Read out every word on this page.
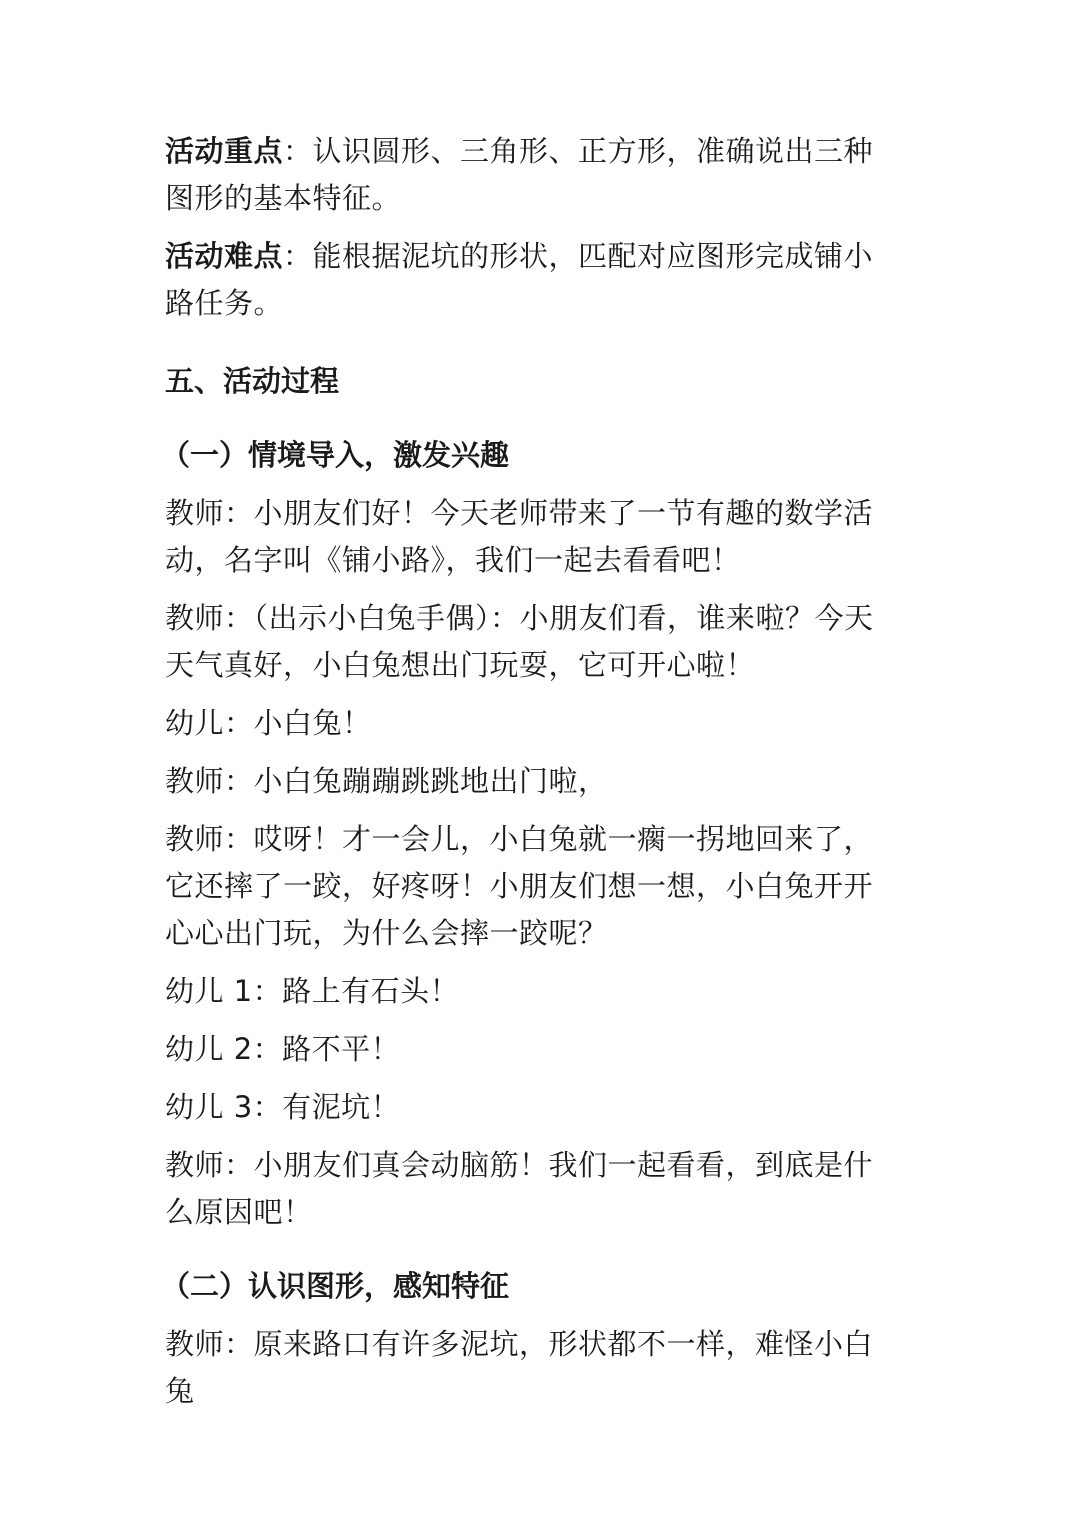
活动重点：认识圆形、三角形、正方形，准确说出三种图形的基本特征。

活动难点：能根据泥坑的形状，匹配对应图形完成铺小路任务。

五、活动过程
（一）情境导入，激发兴趣

教师：小朋友们好！今天老师带来了一节有趣的数学活动，名字叫《铺小路》，我们一起去看看吧！

教师：（出示小白兔手偶）：小朋友们看，谁来啦？今天天气真好，小白兔想出门玩耍，它可开心啦！

幼儿：小白兔！

教师：小白兔蹦蹦跳跳地出门啦，

教师：哎呀！才一会儿，小白兔就一瘸一拐地回来了，它还摔了一跤，好疼呀！小朋友们想一想，小白兔开开心心出门玩，为什么会摔一跤呢？

幼儿 1：路上有石头！

幼儿 2：路不平！

幼儿 3：有泥坑！

教师：小朋友们真会动脑筋！我们一起看看，到底是什么原因吧！

（二）认识图形，感知特征

教师：原来路口有许多泥坑，形状都不一样，难怪小白兔
